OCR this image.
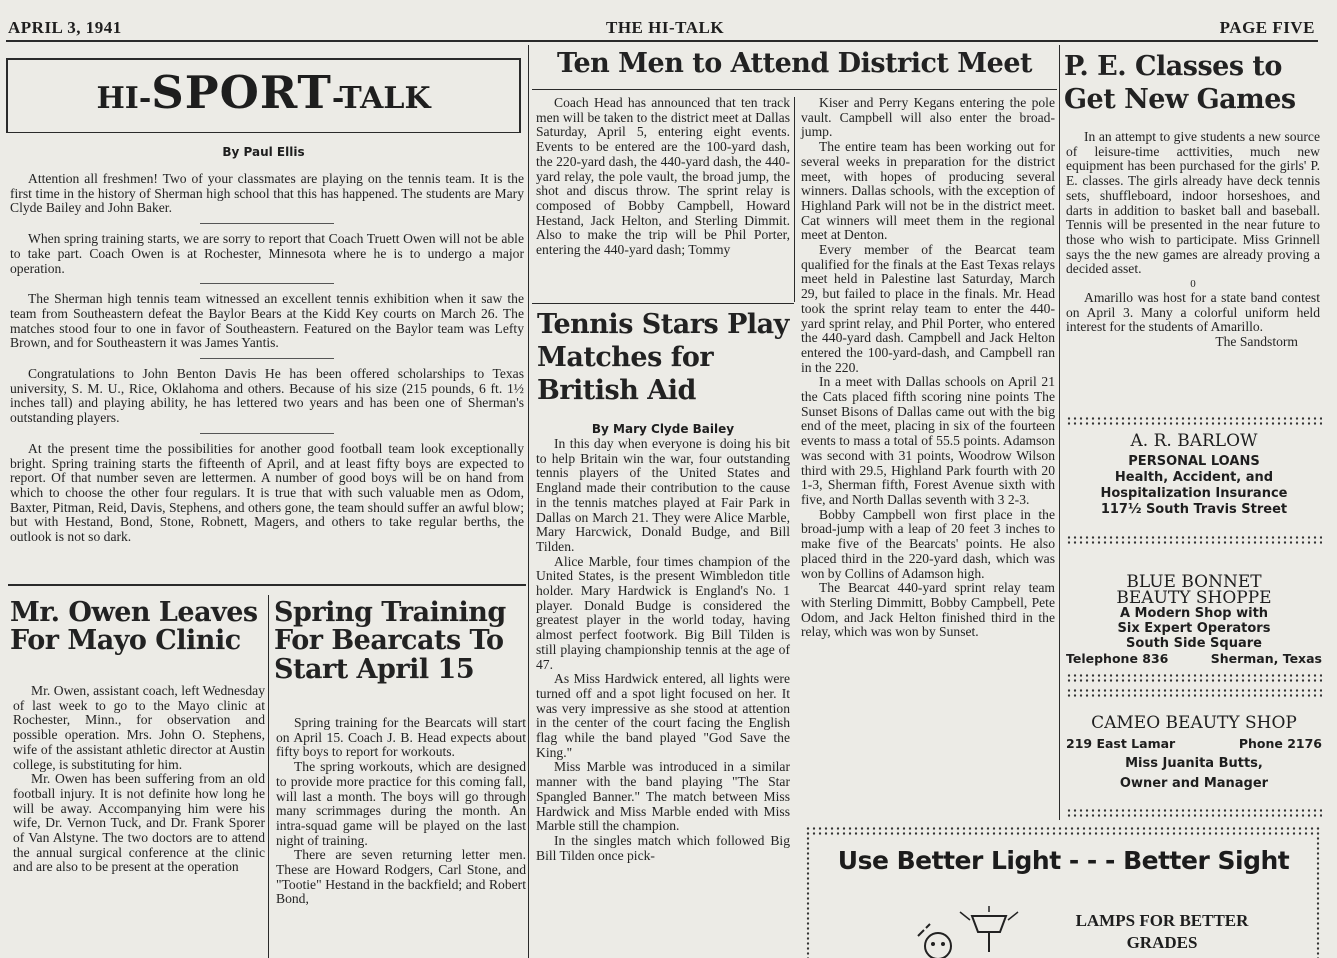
APRIL 3, 1941	THE HI-TALK	PAGE FIVE
HI-SPORT-TALK
By Paul Ellis

Attention all freshmen! Two of your classmates are playing on the tennis team. It is the first time in the history of Sherman high school that this has happened. The students are Mary Clyde Bailey and John Baker.

When spring training starts, we are sorry to report that Coach Truett Owen will not be able to take part. Coach Owen is at Rochester, Minnesota where he is to undergo a major operation.

The Sherman high tennis team witnessed an excellent tennis exhibition when it saw the team from Southeastern defeat the Baylor Bears at the Kidd Key courts on March 26. The matches stood four to one in favor of Southeastern. Featured on the Baylor team was Lefty Brown, and for Southeastern it was James Yantis.

Congratulations to John Benton Davis He has been offered scholarships to Texas university, S. M. U., Rice, Oklahoma and others. Because of his size (215 pounds, 6 ft. 1½ inches tall) and playing ability, he has lettered two years and has been one of Sherman's outstanding players.

At the present time the possibilities for another good football team look exceptionally bright. Spring training starts the fifteenth of April, and at least fifty boys are expected to report. Of that number seven are lettermen. A number of good boys will be on hand from which to choose the other four regulars. It is true that with such valuable men as Odom, Baxter, Pitman, Reid, Davis, Stephens, and others gone, the team should suffer an awful blow; but with Hestand, Bond, Stone, Robnett, Magers, and others to take regular berths, the outlook is not so dark.

Mr. Owen Leaves For Mayo Clinic

Mr. Owen, assistant coach, left Wednesday of last week to go to the Mayo clinic at Rochester, Minn., for observation and possible operation. Mrs. John O. Stephens, wife of the assistant athletic director at Austin college, is substituting for him.

Mr. Owen has been suffering from an old football injury. It is not definite how long he will be away. Accompanying him were his wife, Dr. Vernon Tuck, and Dr. Frank Sporer of Van Alstyne. The two doctors are to attend the annual surgical conference at the clinic and are also to be present at the operation

Spring Training For Bearcats To Start April 15

Spring training for the Bearcats will start on April 15. Coach J. B. Head expects about fifty boys to report for workouts.

The spring workouts, which are designed to provide more practice for this coming fall, will last a month. The boys will go through many scrimmages during the month. An intra-squad game will be played on the last night of training.

There are seven returning letter men. These are Howard Rodgers, Carl Stone, and "Tootie" Hestand in the backfield; and Robert Bond,

Ten Men to Attend District Meet

Coach Head has announced that ten track men will be taken to the district meet at Dallas Saturday, April 5, entering eight events. Events to be entered are the 100-yard dash, the 220-yard dash, the 440-yard dash, the 440-yard relay, the pole vault, the broad jump, the shot and discus throw. The sprint relay is composed of Bobby Campbell, Howard Hestand, Jack Helton, and Sterling Dimmit. Also to make the trip will be Phil Porter, entering the 440-yard dash; Tommy

Kiser and Perry Kegans entering the pole vault. Campbell will also enter the broad-jump.

The entire team has been working out for several weeks in preparation for the district meet, with hopes of producing several winners. Dallas schools, with the exception of Highland Park will not be in the district meet. Cat winners will meet them in the regional meet at Denton.

Every member of the Bearcat team qualified for the finals at the East Texas relays meet held in Palestine last Saturday, March 29, but failed to place in the finals. Mr. Head took the sprint relay team to enter the 440-yard sprint relay, and Phil Porter, who entered the 440-yard dash. Campbell and Jack Helton entered the 100-yard-dash, and Campbell ran in the 220.

In a meet with Dallas schools on April 21 the Cats placed fifth scoring nine points The Sunset Bisons of Dallas came out with the big end of the meet, placing in six of the fourteen events to mass a total of 55.5 points. Adamson was second with 31 points, Woodrow Wilson third with 29.5, Highland Park fourth with 20 1-3, Sherman fifth, Forest Avenue sixth with five, and North Dallas seventh with 3 2-3.

Bobby Campbell won first place in the broad-jump with a leap of 20 feet 3 inches to make five of the Bearcats' points. He also placed third in the 220-yard dash, which was won by Collins of Adamson high.

The Bearcat 440-yard sprint relay team with Sterling Dimmitt, Bobby Campbell, Pete Odom, and Jack Helton finished third in the relay, which was won by Sunset.

Tennis Stars Play Matches for British Aid
By Mary Clyde Bailey

In this day when everyone is doing his bit to help Britain win the war, four outstanding tennis players of the United States and England made their contribution to the cause in the tennis matches played at Fair Park in Dallas on March 21. They were Alice Marble, Mary Harcwick, Donald Budge, and Bill Tilden.

Alice Marble, four times champion of the United States, is the present Wimbledon title holder. Mary Hardwick is England's No. 1 player. Donald Budge is considered the greatest player in the world today, having almost perfect footwork. Big Bill Tilden is still playing championship tennis at the age of 47.

As Miss Hardwick entered, all lights were turned off and a spot light focused on her. It was very impressive as she stood at attention in the center of the court facing the English flag while the band played "God Save the King."

Miss Marble was introduced in a similar manner with the band playing "The Star Spangled Banner." The match between Miss Hardwick and Miss Marble ended with Miss Marble still the champion.

In the singles match which followed Big Bill Tilden once pick-

P. E. Classes to Get New Games

In an attempt to give students a new source of leisure-time acttivities, much new equipment has been purchased for the girls' P. E. classes. The girls already have deck tennis sets, shuffleboard, indoor horseshoes, and darts in addition to basket ball and baseball. Tennis will be presented in the near future to those who wish to participate. Miss Grinnell says the the new games are already proving a decided asset.

0

Amarillo was host for a state band contest on April 3. Many a colorful uniform held interest for the students of Amarillo.

The Sandstorm
A. R. BARLOW
PERSONAL LOANS
Health, Accident, and
Hospitalization Insurance
117½ South Travis Street
BLUE BONNET
BEAUTY SHOPPE
A Modern Shop with
Six Expert Operators
South Side Square
Telephone 836	Sherman, Texas
CAMEO BEAUTY SHOP
219 East Lamar	Phone 2176
Miss Juanita Butts,
Owner and Manager
Use Better Light - - - Better Sight
LAMPS FOR BETTER
GRADES
